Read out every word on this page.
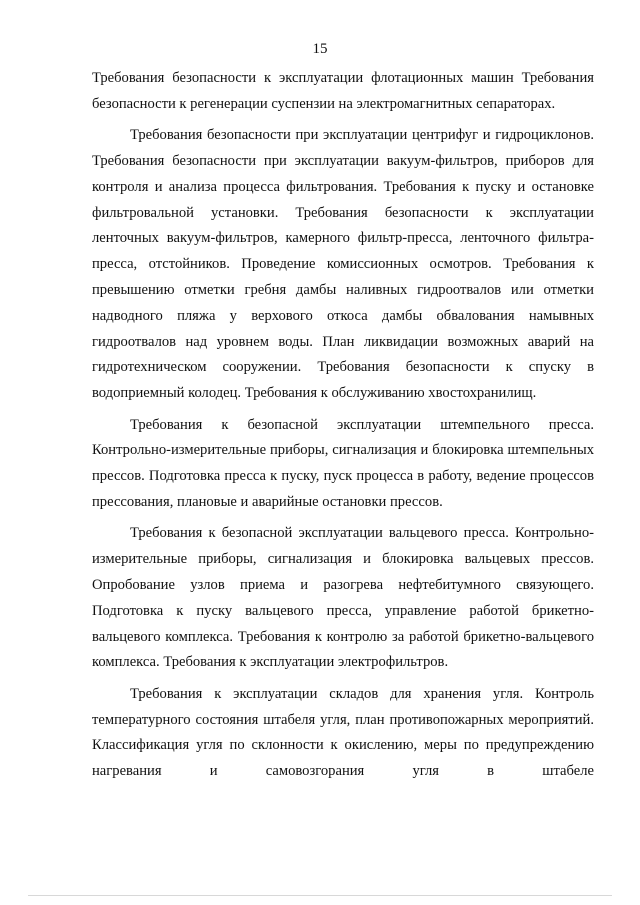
15

Требования безопасности к эксплуатации флотационных машин Требования безопасности к регенерации суспензии на электромагнитных сепараторах.

Требования безопасности при эксплуатации центрифуг и гидроциклонов. Требования безопасности при эксплуатации вакуум-фильтров, приборов для контроля и анализа процесса фильтрования. Требования к пуску и остановке фильтровальной установки. Требования безопасности к эксплуатации ленточных вакуум-фильтров, камерного фильтр-пресса, ленточного фильтра-пресса, отстойников. Проведение комиссионных осмотров. Требования к превышению отметки гребня дамбы наливных гидроотвалов или отметки надводного пляжа у верхового откоса дамбы обвалования намывных гидроотвалов над уровнем воды. План ликвидации возможных аварий на гидротехническом сооружении. Требования безопасности к спуску в водоприемный колодец. Требования к обслуживанию хвостохранилищ.

Требования к безопасной эксплуатации штемпельного пресса. Контрольно-измерительные приборы, сигнализация и блокировка штемпельных прессов. Подготовка пресса к пуску, пуск процесса в работу, ведение процессов прессования, плановые и аварийные остановки прессов.

Требования к безопасной эксплуатации вальцевого пресса. Контрольно-измерительные приборы, сигнализация и блокировка вальцевых прессов. Опробование узлов приема и разогрева нефтебитумного связующего. Подготовка к пуску вальцевого пресса, управление работой брикетно-вальцевого комплекса. Требования к контролю за работой брикетно-вальцевого комплекса. Требования к эксплуатации электрофильтров.

Требования к эксплуатации складов для хранения угля. Контроль температурного состояния штабеля угля, план противопожарных мероприятий. Классификация угля по склонности к окислению, меры по предупреждению нагревания и самовозгорания угля в штабеле
